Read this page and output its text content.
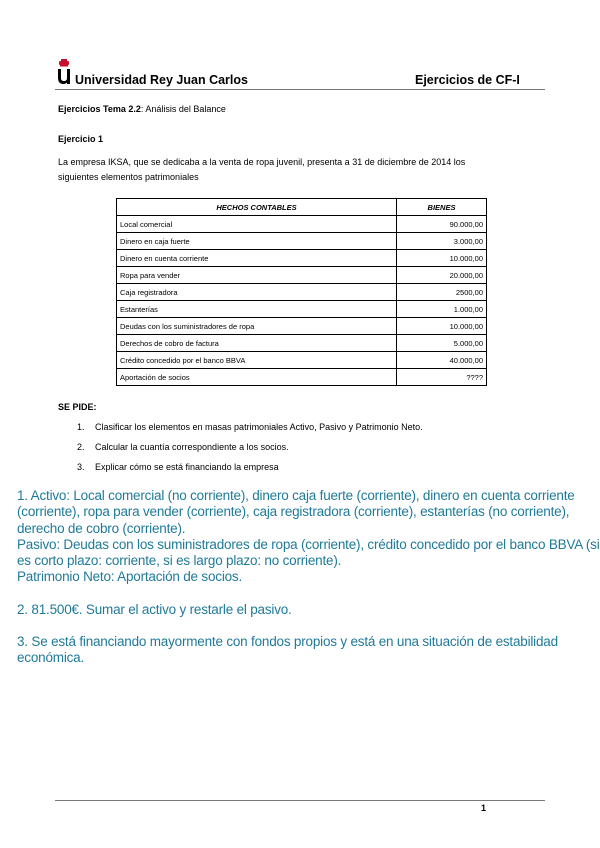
Universidad Rey Juan Carlos	Ejercicios de CF-I
Ejercicios Tema 2.2: Análisis del Balance
Ejercicio 1
La empresa IKSA, que se dedicaba a la venta de ropa juvenil, presenta a 31 de diciembre de 2014 los
siguientes elementos patrimoniales
HECHOS CONTABLES	BIENES
Local comercial	90.000,00
Dinero en caja fuerte	3.000,00
Dinero en cuenta corriente	10.000,00
Ropa para vender	20.000,00
Caja registradora	2500,00
Estanterías	1.000,00
Deudas con los suministradores de ropa	10.000,00
Derechos de cobro de factura	5.000,00
Crédito concedido por el banco BBVA	40.000,00
Aportación de socios	????
SE PIDE:
1. Clasificar los elementos en masas patrimoniales Activo, Pasivo y Patrimonio Neto.
2. Calcular la cuantía correspondiente a los socios.
3. Explicar cómo se está financiando la empresa

1. Activo: Local comercial (no corriente), dinero caja fuerte (corriente), dinero en cuenta corriente (corriente), ropa para vender (corriente), caja registradora (corriente), estanterías (no corriente), derecho de cobro (corriente).

Pasivo: Deudas con los suministradores de ropa (corriente), crédito concedido por el banco BBVA (si es corto plazo: corriente, si es largo plazo: no corriente).

Patrimonio Neto: Aportación de socios.

2. 81.500€. Sumar el activo y restarle el pasivo.

3. Se está financiando mayormente con fondos propios y está en una situación de estabilidad económica.

1
